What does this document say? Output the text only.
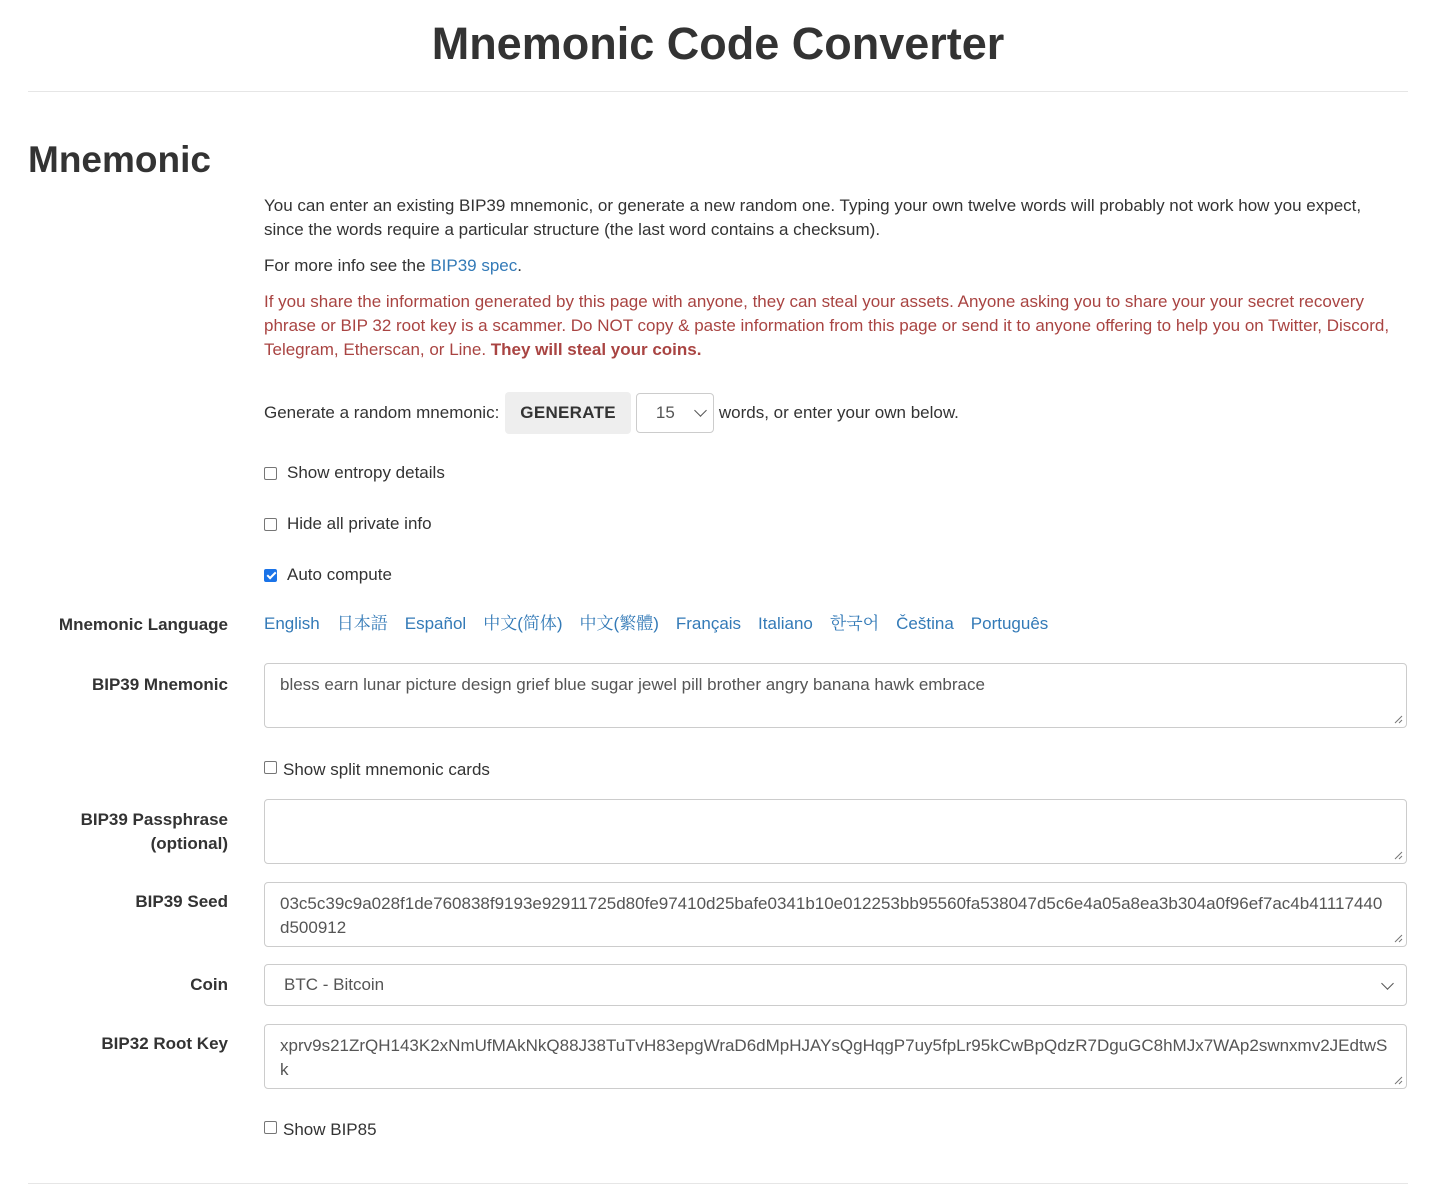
Mnemonic Code Converter
Mnemonic

You can enter an existing BIP39 mnemonic, or generate a new random one. Typing your own twelve words will probably not work how you expect, since the words require a particular structure (the last word contains a checksum).

For more info see the BIP39 spec.

If you share the information generated by this page with anyone, they can steal your assets. Anyone asking you to share your your secret recovery phrase or BIP 32 root key is a scammer. Do NOT copy & paste information from this page or send it to anyone offering to help you on Twitter, Discord, Telegram, Etherscan, or Line. They will steal your coins.

Generate a random mnemonic:	GENERATE	15	words, or enter your own below.
Show entropy details
Hide all private info
Auto compute
Mnemonic Language English 日本語 Español 中文(简体) 中文(繁體) Français Italiano 한국어 Čeština Português
BIP39 Mnemonic	bless earn lunar picture design grief blue sugar jewel pill brother angry banana hawk embrace
Show split mnemonic cards
BIP39 Passphrase
(optional)
BIP39 Seed	03c5c39c9a028f1de760838f9193e92911725d80fe97410d25bafe0341b10e012253bb95560fa538047d5c6e4a05a8ea3b304a0f96ef7ac4b41117440d500912
Coin	BTC - Bitcoin
BIP32 Root Key	xprv9s21ZrQH143K2xNmUfMAkNkQ88J38TuTvH83epgWraD6dMpHJAYsQgHqgP7uy5fpLr95kCwBpQdzR7DguGC8hMJx7WAp2swnxmv2JEdtwSk
Show BIP85
